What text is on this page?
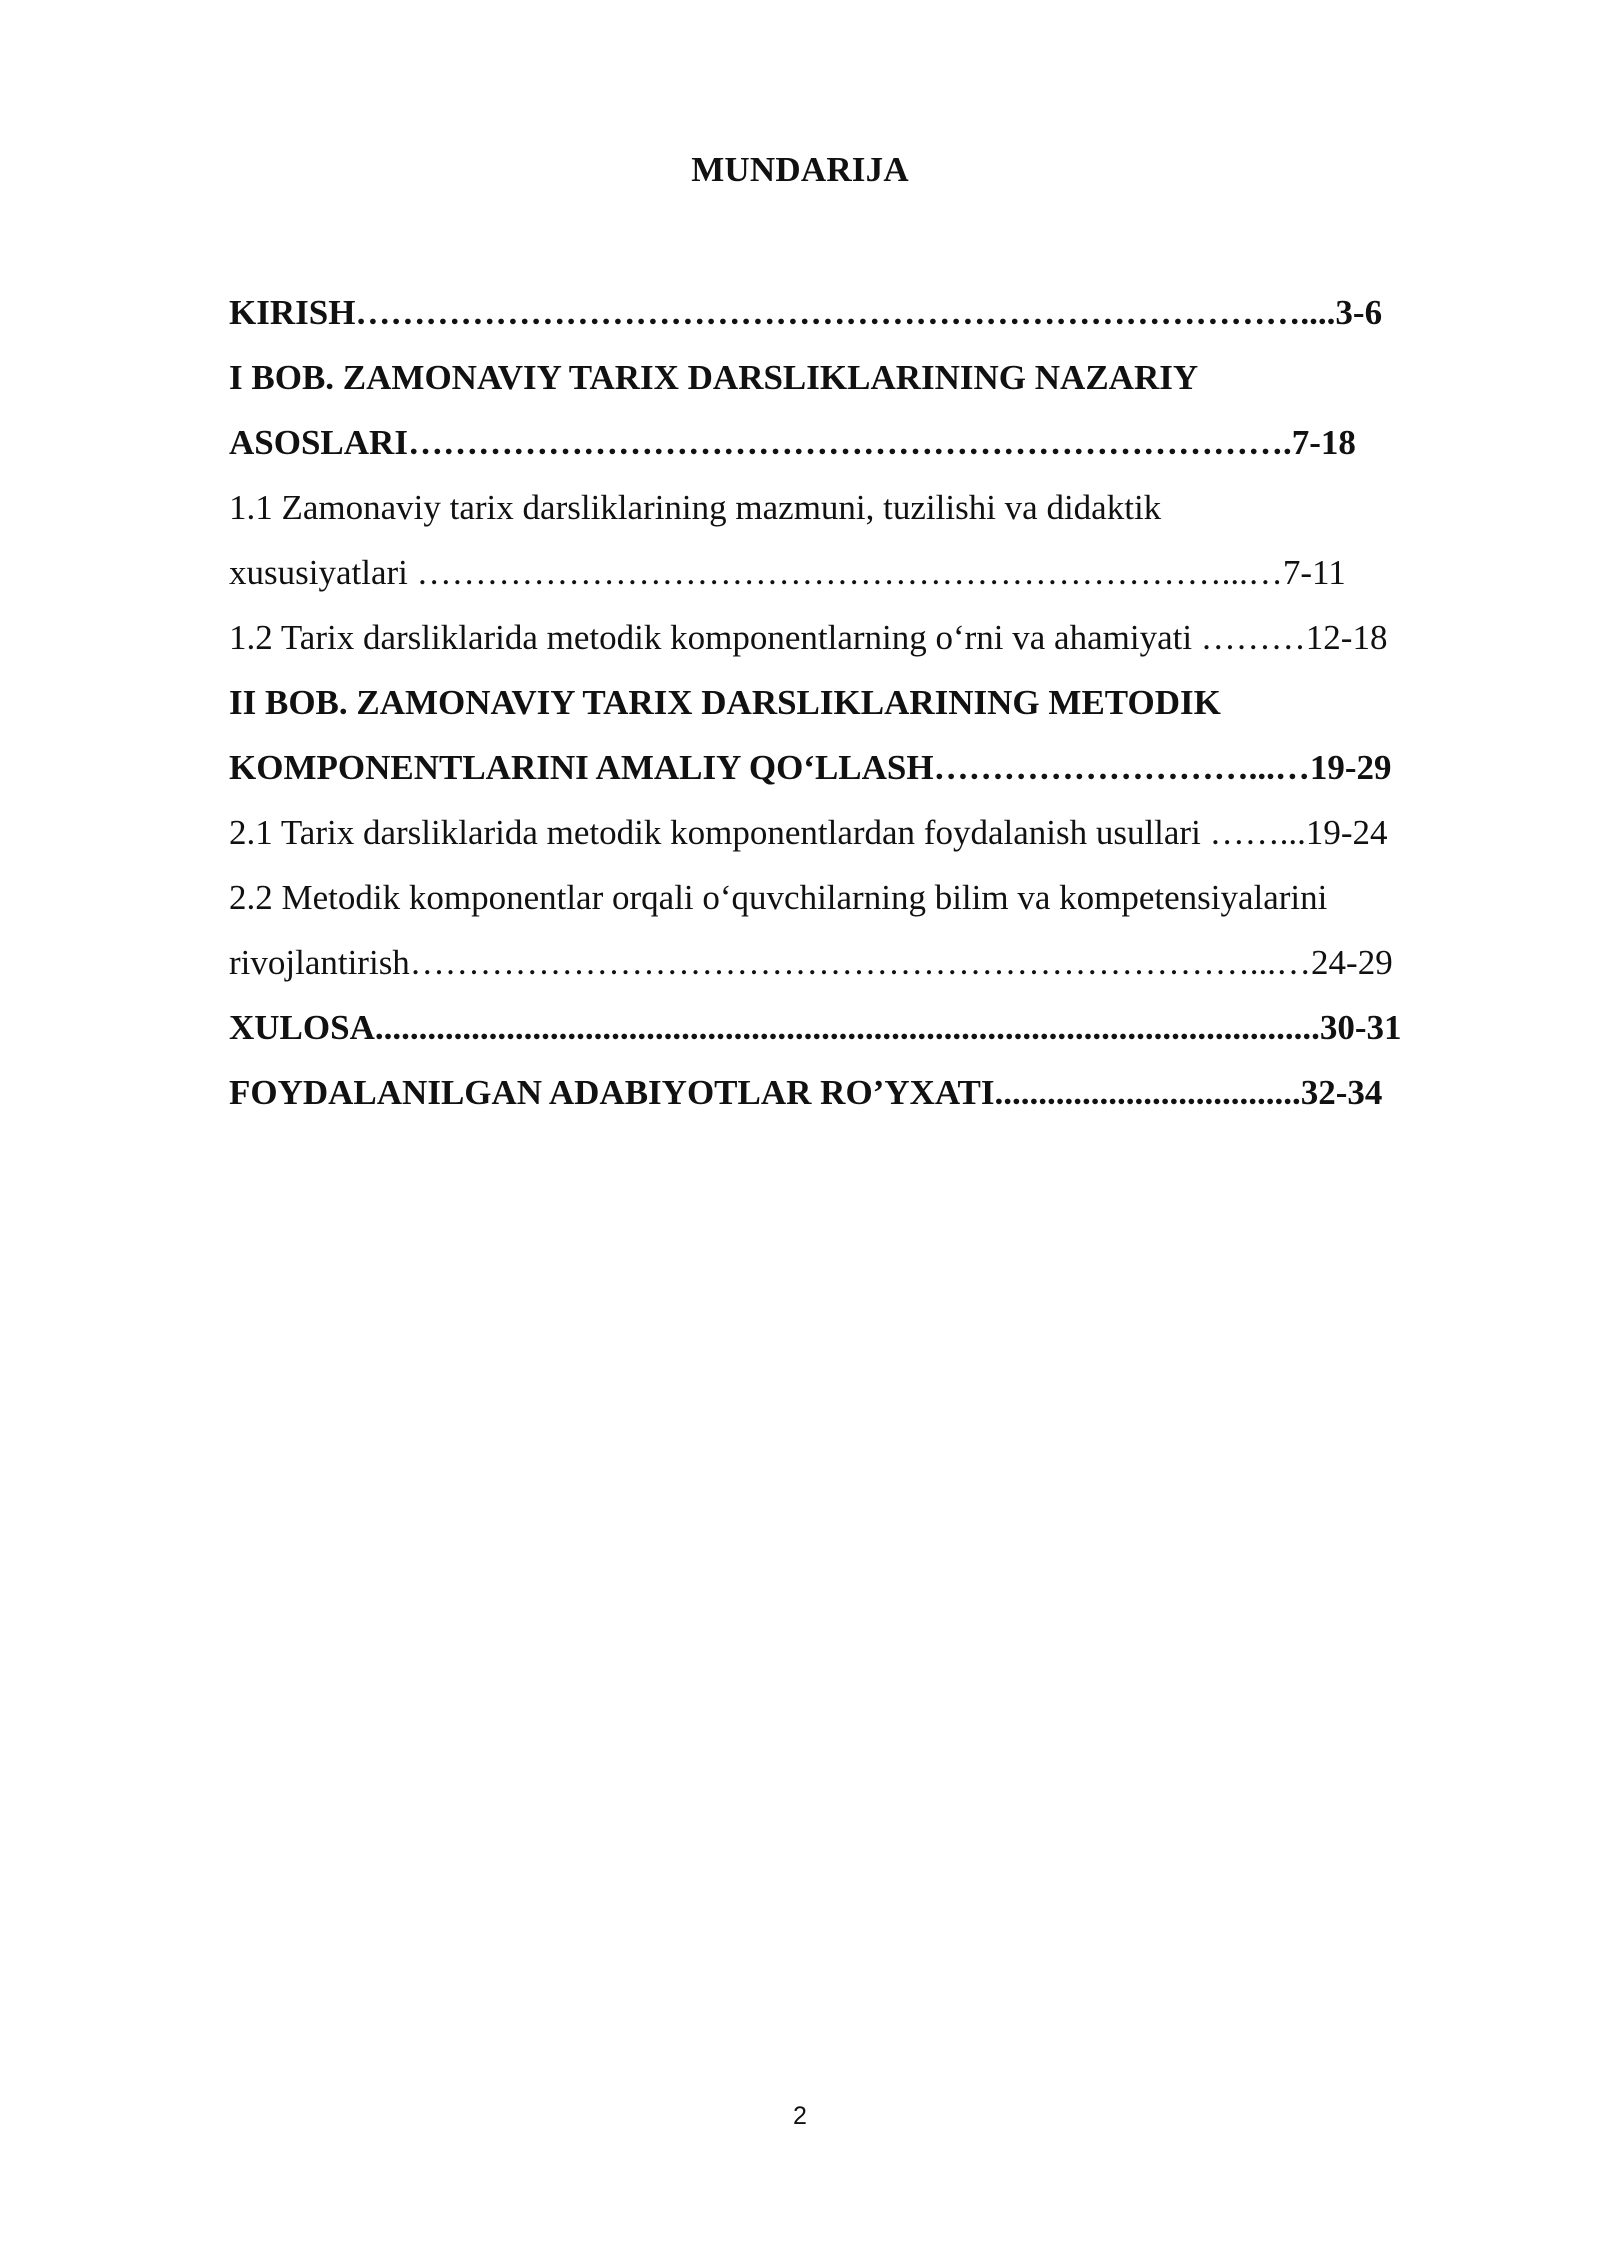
MUNDARIJA
KIRISH………………………………………………………………………....3-6
I BOB. ZAMONAVIY TARIX DARSLIKLARINING NAZARIY
ASOSLARI………………………………………………………………….7-18
1.1 Zamonaviy tarix darsliklarining mazmuni, tuzilishi va didaktik
xususiyatlari ……………………………………………………………...…7-11
1.2 Tarix darsliklarida metodik komponentlarning oʻrni va ahamiyati ………12-18
II BOB. ZAMONAVIY TARIX DARSLIKLARINING METODIK
KOMPONENTLARINI AMALIY QOʻLLASH………………………...…19-29
2.1 Tarix darsliklarida metodik komponentlardan foydalanish usullari ……...19-24
2.2 Metodik komponentlar orqali oʻquvchilarning bilim va kompetensiyalarini
rivojlantirish………………………………………………………………...…24-29
XULOSA............................................................................................................30-31
FOYDALANILGAN ADABIYOTLAR RO’YXATI...................................32-34
2
